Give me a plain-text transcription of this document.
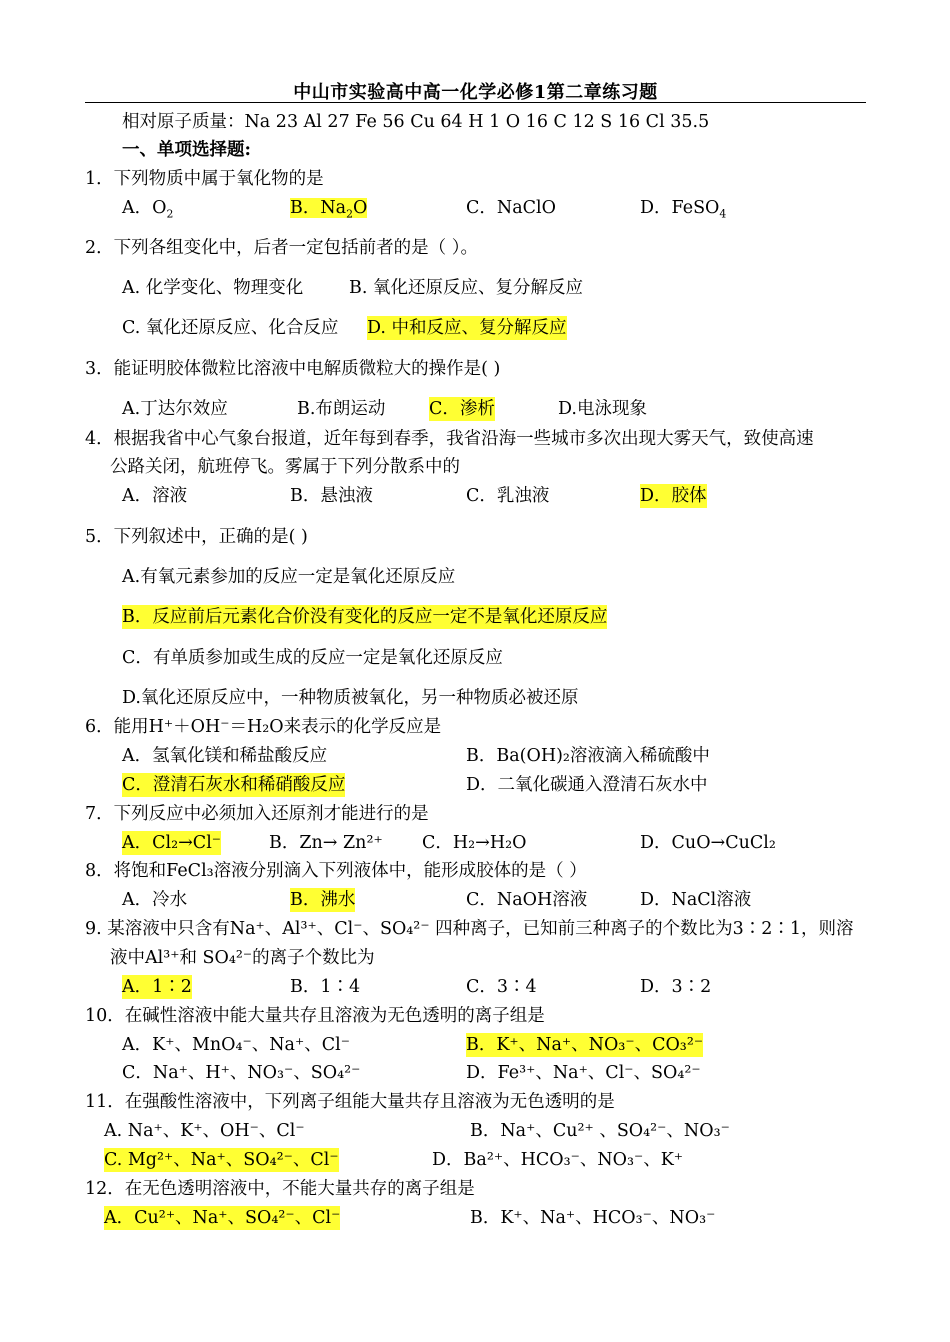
中山市实验高中高一化学必修1第二章练习题
相对原子质量：Na 23 Al 27 Fe 56 Cu 64 H 1 O 16 C 12 S 16 Cl 35.5
一、单项选择题:
1．下列物质中属于氧化物的是
A．$O_2$	B．$Na_2O$	C．NaClO	D．FeSO$_4$
2．下列各组变化中，后者一定包括前者的是（ ）。
A. 化学变化、物理变化	B. 氧化还原反应、复分解反应
C. 氧化还原反应、化合反应 D. 中和反应、复分解反应
3．能证明胶体微粒比溶液中电解质微粒大的操作是( )
A.丁达尔效应	B.布朗运动 C．渗析	D.电泳现象
4．根据我省中心气象台报道，近年每到春季，我省沿海一些城市多次出现大雾天气，致使高速
公路关闭，航班停飞。雾属于下列分散系中的
A．溶液	B．悬浊液	C．乳浊液	D．胶体
5．下列叙述中，正确的是( )
A.有氧元素参加的反应一定是氧化还原反应
B．反应前后元素化合价没有变化的反应一定不是氧化还原反应
C．有单质参加或生成的反应一定是氧化还原反应
D.氧化还原反应中，一种物质被氧化，另一种物质必被还原
6．能用H⁺＋OH⁻＝H₂O来表示的化学反应是
A．氢氧化镁和稀盐酸反应	B．Ba(OH)₂溶液滴入稀硫酸中
C．澄清石灰水和稀硝酸反应	D．二氧化碳通入澄清石灰水中
7．下列反应中必须加入还原剂才能进行的是
A．Cl₂→Cl⁻	B．Zn→ Zn²⁺ C．H₂→H₂O	D．CuO→CuCl₂
8．将饱和FeCl₃溶液分别滴入下列液体中，能形成胶体的是（ ）
A．冷水	B．沸水	C．NaOH溶液	D．NaCl溶液
9. 某溶液中只含有Na⁺、Al³⁺、Cl⁻、SO₄²⁻ 四种离子，已知前三种离子的个数比为3∶2∶1，则溶
液中Al³⁺和 SO₄²⁻的离子个数比为
A．1∶2	B．1∶4	C．3∶4	D．3∶2
10．在碱性溶液中能大量共存且溶液为无色透明的离子组是
A．K⁺、MnO₄⁻、Na⁺、Cl⁻	B．K⁺、Na⁺、NO₃⁻、CO₃²⁻
C．Na⁺、H⁺、NO₃⁻、SO₄²⁻	D．Fe³⁺、Na⁺、Cl⁻、SO₄²⁻
11．在强酸性溶液中，下列离子组能大量共存且溶液为无色透明的是
A. Na⁺、K⁺、OH⁻、Cl⁻	B．Na⁺、Cu²⁺ 、SO₄²⁻、NO₃⁻
C. Mg²⁺、Na⁺、SO₄²⁻、Cl⁻	D．Ba²⁺、HCO₃⁻、NO₃⁻、K⁺
12．在无色透明溶液中，不能大量共存的离子组是
A．Cu²⁺、Na⁺、SO₄²⁻、Cl⁻	B．K⁺、Na⁺、HCO₃⁻、NO₃⁻
